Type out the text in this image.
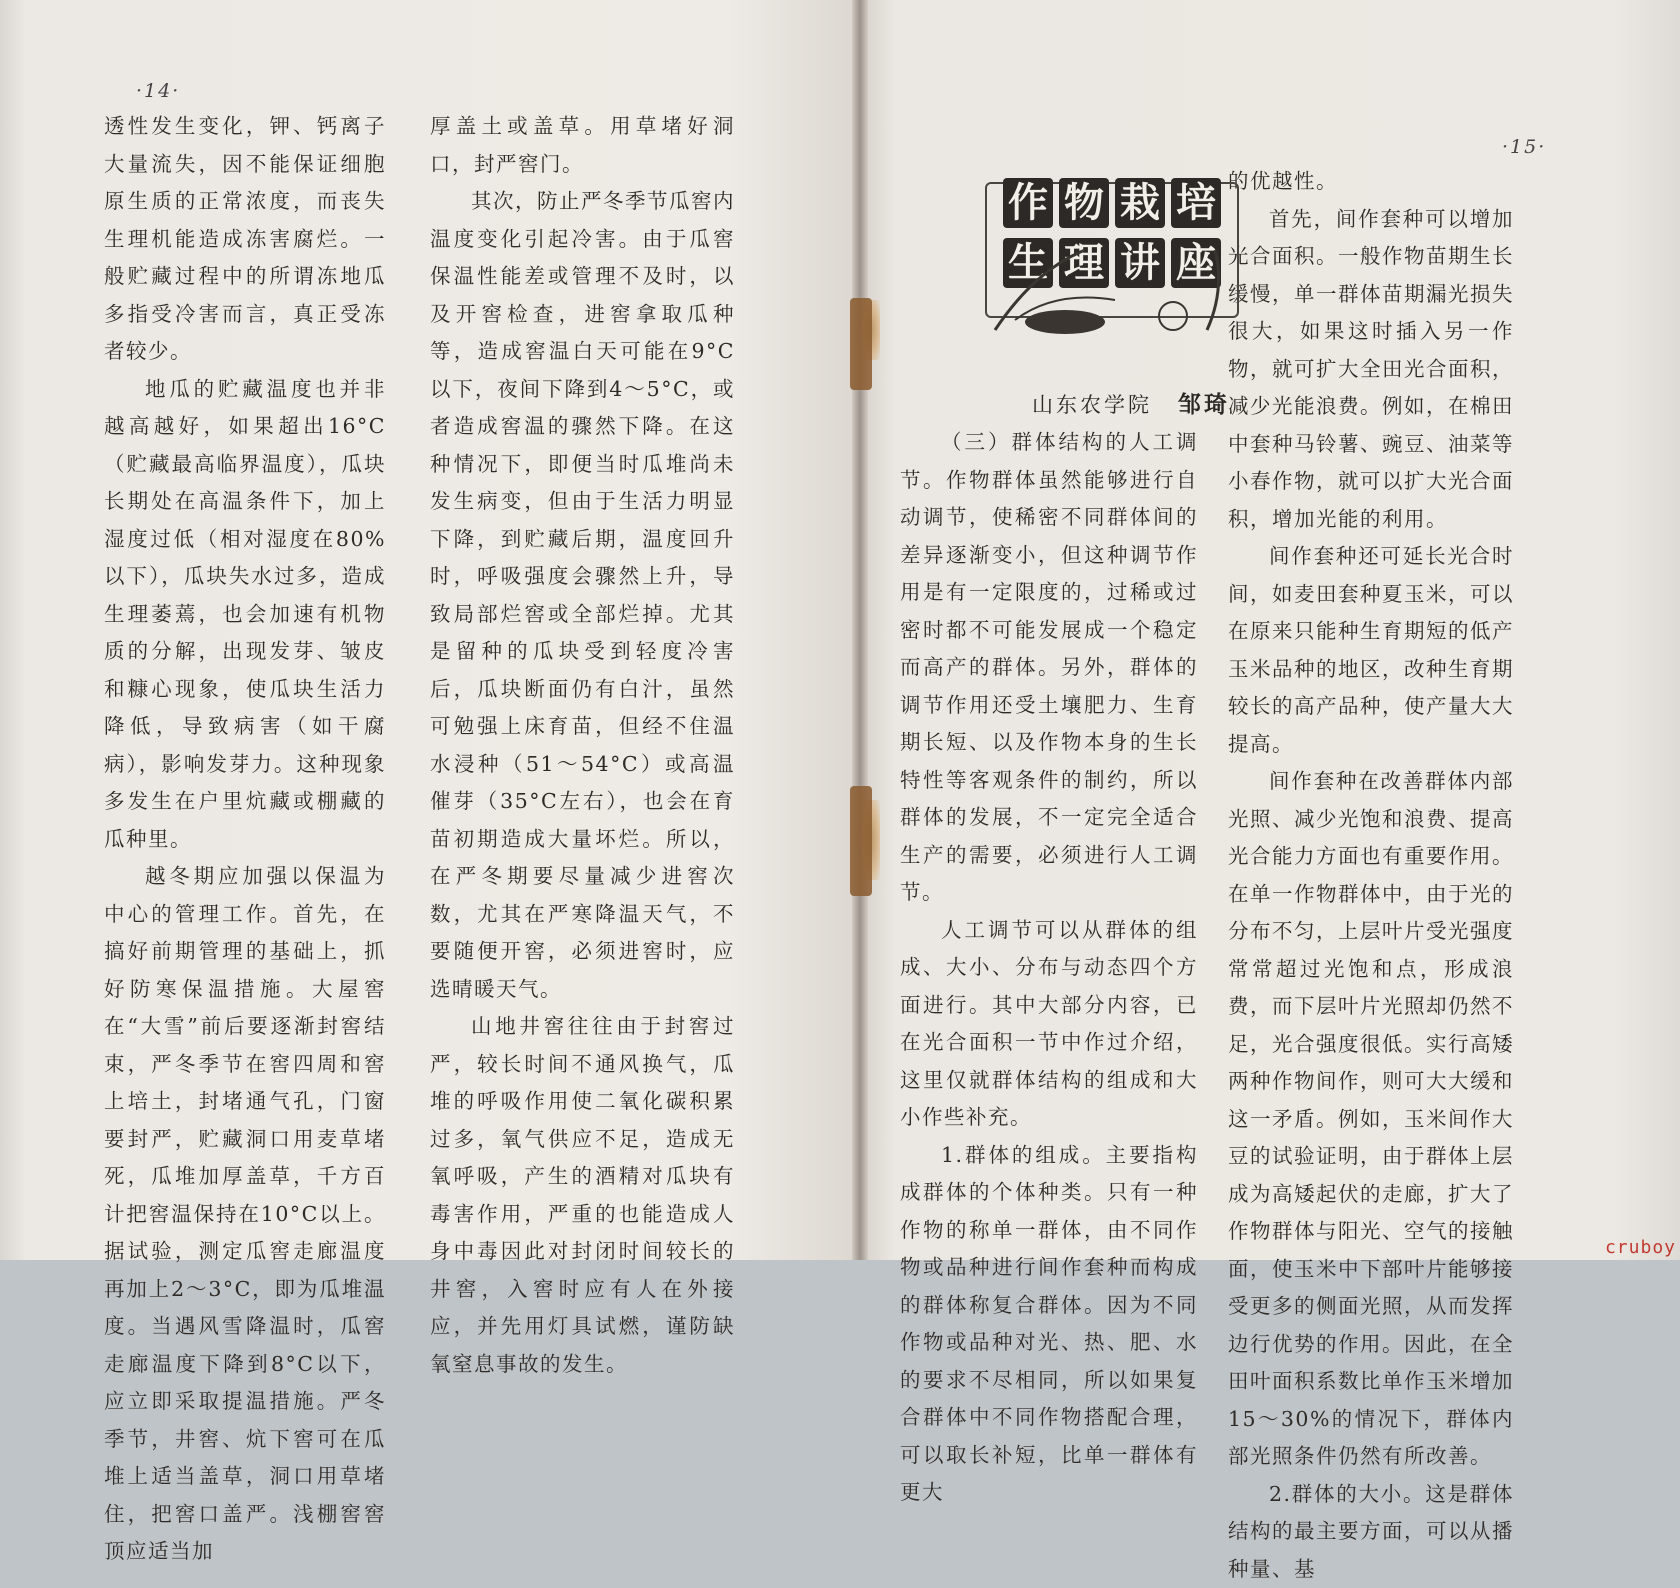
·14·

透性发生变化，钾、钙离子大量流失，因不能保证细胞原生质的正常浓度，而丧失生理机能造成冻害腐烂。一般贮藏过程中的所谓冻地瓜多指受冷害而言，真正受冻者较少。

地瓜的贮藏温度也并非越高越好，如果超出16°C（贮藏最高临界温度），瓜块长期处在高温条件下，加上湿度过低（相对湿度在80%以下），瓜块失水过多，造成生理萎蔫，也会加速有机物质的分解，出现发芽、皱皮和糠心现象，使瓜块生活力降低，导致病害（如干腐病），影响发芽力。这种现象多发生在户里炕藏或棚藏的瓜种里。

越冬期应加强以保温为中心的管理工作。首先，在搞好前期管理的基础上，抓好防寒保温措施。大屋窖在“大雪”前后要逐渐封窖结束，严冬季节在窖四周和窖上培土，封堵通气孔，门窗要封严，贮藏洞口用麦草堵死，瓜堆加厚盖草，千方百计把窖温保持在10°C以上。据试验，测定瓜窖走廊温度再加上2～3°C，即为瓜堆温度。当遇风雪降温时，瓜窖走廊温度下降到8°C以下，应立即采取提温措施。严冬季节，井窖、炕下窖可在瓜堆上适当盖草，洞口用草堵住，把窖口盖严。浅棚窖窖顶应适当加

厚盖土或盖草。用草堵好洞口，封严窖门。

其次，防止严冬季节瓜窖内温度变化引起冷害。由于瓜窖保温性能差或管理不及时，以及开窖检查，进窖拿取瓜种等，造成窖温白天可能在9°C以下，夜间下降到4～5°C，或者造成窖温的骤然下降。在这种情况下，即便当时瓜堆尚未发生病变，但由于生活力明显下降，到贮藏后期，温度回升时，呼吸强度会骤然上升，导致局部烂窖或全部烂掉。尤其是留种的瓜块受到轻度冷害后，瓜块断面仍有白汁，虽然可勉强上床育苗，但经不住温水浸种（51～54°C）或高温催芽（35°C左右），也会在育苗初期造成大量坏烂。所以，在严冬期要尽量减少进窖次数，尤其在严寒降温天气，不要随便开窖，必须进窖时，应选晴暖天气。

山地井窖往往由于封窖过严，较长时间不通风换气，瓜堆的呼吸作用使二氧化碳积累过多，氧气供应不足，造成无氧呼吸，产生的酒精对瓜块有毒害作用，严重的也能造成人身中毒因此对封闭时间较长的井窖，入窖时应有人在外接应，并先用灯具试燃，谨防缺氧窒息事故的发生。

·15·

的优越性。

首先，间作套种可以增加光合面积。一般作物苗期生长缓慢，单一群体苗期漏光损失很大，如果这时插入另一作物，就可扩大全田光合面积，减少光能浪费。例如，在棉田中套种马铃薯、豌豆、油菜等小春作物，就可以扩大光合面积，增加光能的利用。

间作套种还可延长光合时间，如麦田套种夏玉米，可以在原来只能种生育期短的低产玉米品种的地区，改种生育期较长的高产品种，使产量大大提高。

间作套种在改善群体内部光照、减少光饱和浪费、提高光合能力方面也有重要作用。在单一作物群体中，由于光的分布不匀，上层叶片受光强度常常超过光饱和点，形成浪费，而下层叶片光照却仍然不足，光合强度很低。实行高矮两种作物间作，则可大大缓和这一矛盾。例如，玉米间作大豆的试验证明，由于群体上层成为高矮起伏的走廊，扩大了作物群体与阳光、空气的接触面，使玉米中下部叶片能够接受更多的侧面光照，从而发挥边行优势的作用。因此，在全田叶面积系数比单作玉米增加15～30%的情况下，群体内部光照条件仍然有所改善。

2.群体的大小。这是群体结构的最主要方面，可以从播种量、基

（三）群体结构的人工调节。作物群体虽然能够进行自动调节，使稀密不同群体间的差异逐渐变小，但这种调节作用是有一定限度的，过稀或过密时都不可能发展成一个稳定而高产的群体。另外，群体的调节作用还受土壤肥力、生育期长短、以及作物本身的生长特性等客观条件的制约，所以群体的发展，不一定完全适合生产的需要，必须进行人工调节。

人工调节可以从群体的组成、大小、分布与动态四个方面进行。其中大部分内容，已在光合面积一节中作过介绍，这里仅就群体结构的组成和大小作些补充。

1.群体的组成。主要指构成群体的个体种类。只有一种作物的称单一群体，由不同作物或品种进行间作套种而构成的群体称复合群体。因为不同作物或品种对光、热、肥、水的要求不尽相同，所以如果复合群体中不同作物搭配合理，可以取长补短，比单一群体有更大

作 物 栽 培
生 理 讲 座
山东农学院 邹琦
cruboy
